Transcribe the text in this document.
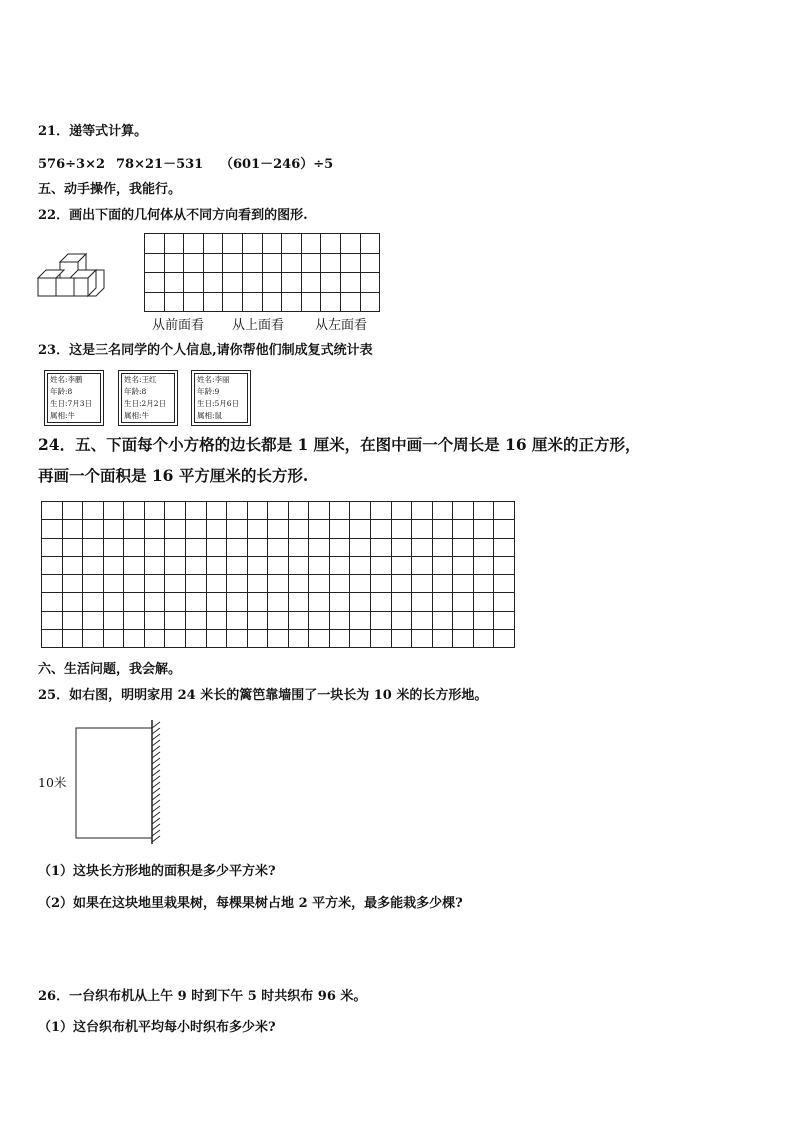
21．递等式计算。
576÷3×2 78×21－531 （601－246）÷5
五、动手操作，我能行。
22．画出下面的几何体从不同方向看到的图形.
从前面看 从上面看 从左面看
23．这是三名同学的个人信息,请你帮他们制成复式统计表
姓名:李鹏
年龄:8
生日:7月3日
属相:牛
姓名:王红
年龄:8
生日:2月2日
属相:牛
姓名:李丽
年龄:9
生日:5月6日
属相:鼠
24．五、下面每个小方格的边长都是 1 厘米，在图中画一个周长是 16 厘米的正方形，
再画一个面积是 16 平方厘米的长方形.
六、生活问题，我会解。
25．如右图，明明家用 24 米长的篱笆靠墙围了一块长为 10 米的长方形地。
10米
（1）这块长方形地的面积是多少平方米?
（2）如果在这块地里栽果树，每棵果树占地 2 平方米，最多能栽多少棵?
26．一台织布机从上午 9 时到下午 5 时共织布 96 米。
（1）这台织布机平均每小时织布多少米?
